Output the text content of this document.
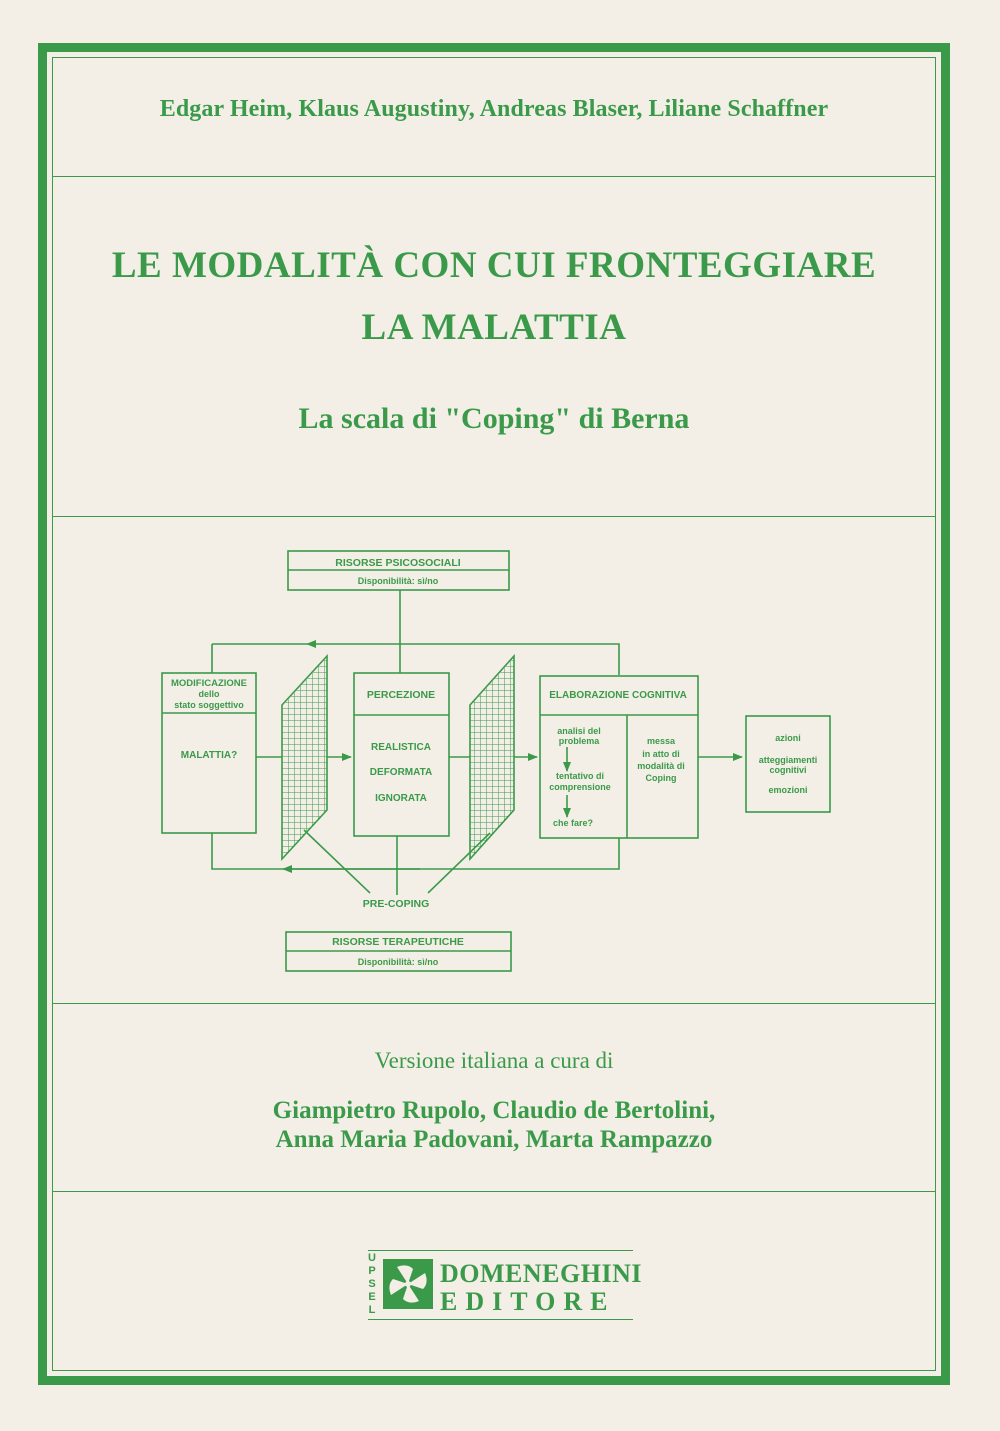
Edgar Heim, Klaus Augustiny, Andreas Blaser, Liliane Schaffner
LE MODALITÀ CON CUI FRONTEGGIARE
LA MALATTIA
La scala di "Coping" di Berna
RISORSE PSICOSOCIALI
Disponibilità: sì/no
MODIFICAZIONE
dello
stato soggettivo
MALATTIA?
PERCEZIONE
REALISTICA
DEFORMATA
IGNORATA
ELABORAZIONE COGNITIVA
analisi del
problema
tentativo di
comprensione
che fare?
messa
in atto di
modalità di
Coping
azioni
atteggiamenti
cognitivi
emozioni
PRE-COPING
RISORSE TERAPEUTICHE
Disponibilità: sì/no
Versione italiana a cura di
Giampietro Rupolo, Claudio de Bertolini,
Anna Maria Padovani, Marta Rampazzo
U
P
S
E
L
DOMENEGHINI
EDITORE
